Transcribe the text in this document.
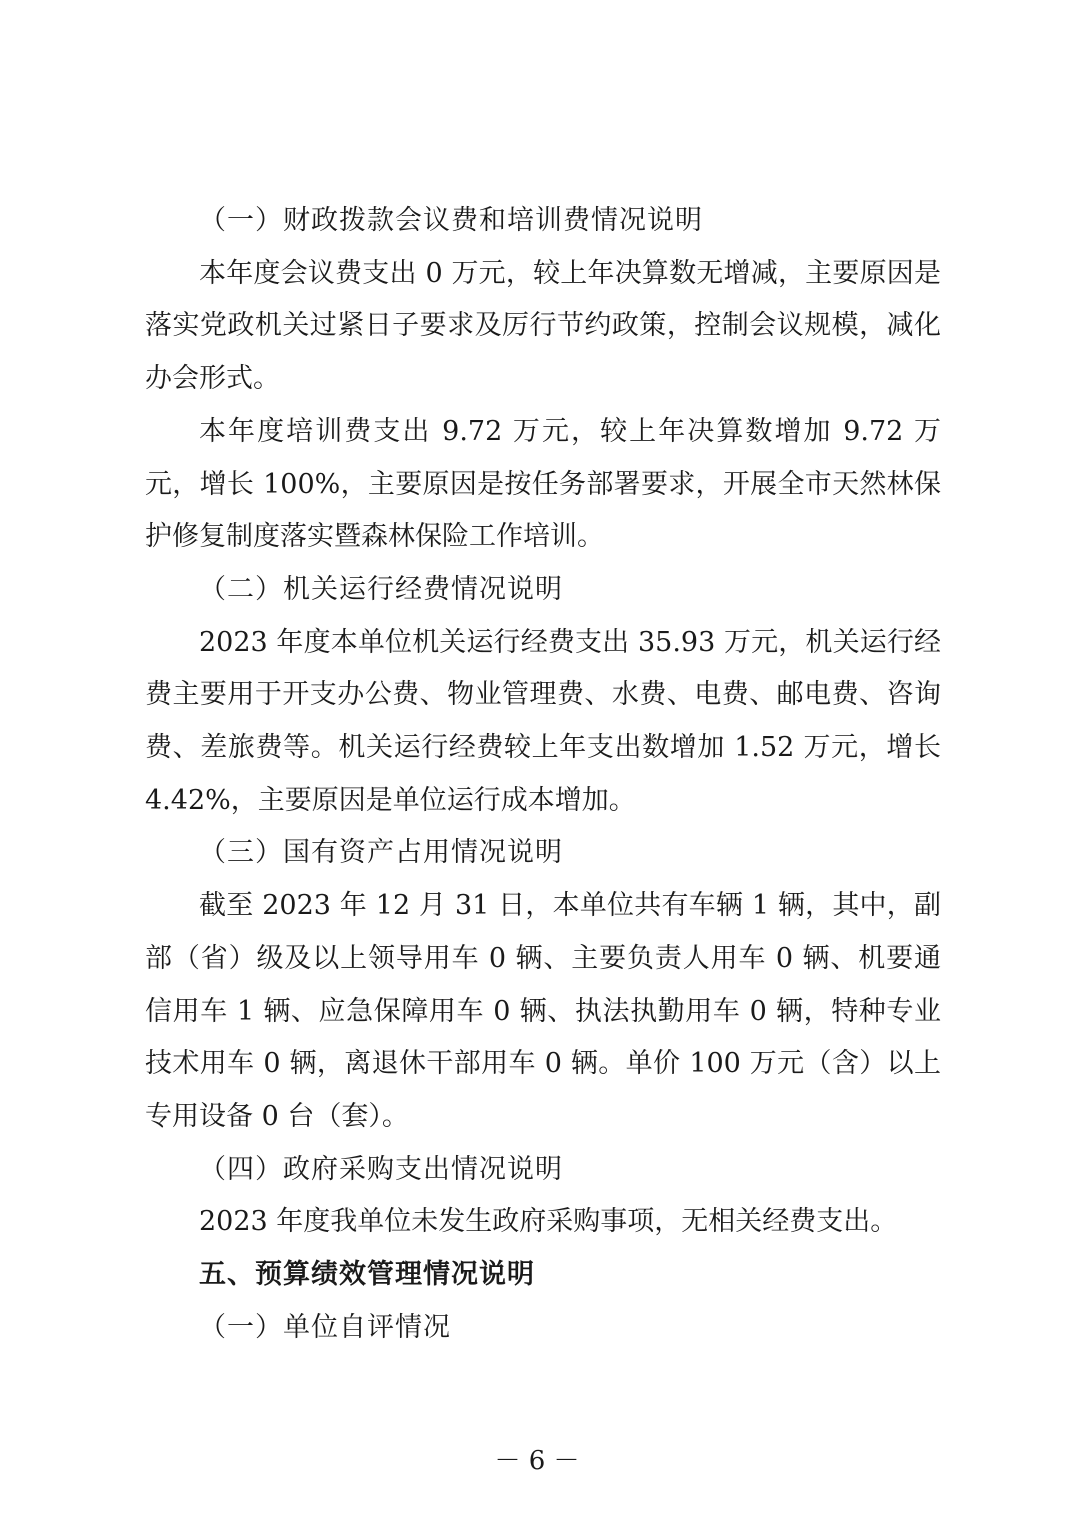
（一）财政拨款会议费和培训费情况说明

本年度会议费支出 0 万元，较上年决算数无增减，主要原因是落实党政机关过紧日子要求及厉行节约政策，控制会议规模，减化办会形式。

本年度培训费支出 9.72 万元，较上年决算数增加 9.72 万元，增长 100%，主要原因是按任务部署要求，开展全市天然林保护修复制度落实暨森林保险工作培训。

（二）机关运行经费情况说明

2023 年度本单位机关运行经费支出 35.93 万元，机关运行经费主要用于开支办公费、物业管理费、水费、电费、邮电费、咨询费、差旅费等。机关运行经费较上年支出数增加 1.52 万元，增长 4.42%，主要原因是单位运行成本增加。

（三）国有资产占用情况说明

截至 2023 年 12 月 31 日，本单位共有车辆 1 辆，其中，副部（省）级及以上领导用车 0 辆、主要负责人用车 0 辆、机要通信用车 1 辆、应急保障用车 0 辆、执法执勤用车 0 辆，特种专业技术用车 0 辆，离退休干部用车 0 辆。单价 100 万元（含）以上专用设备 0 台（套）。

（四）政府采购支出情况说明

2023 年度我单位未发生政府采购事项，无相关经费支出。

五、预算绩效管理情况说明

（一）单位自评情况

－ 6 －
